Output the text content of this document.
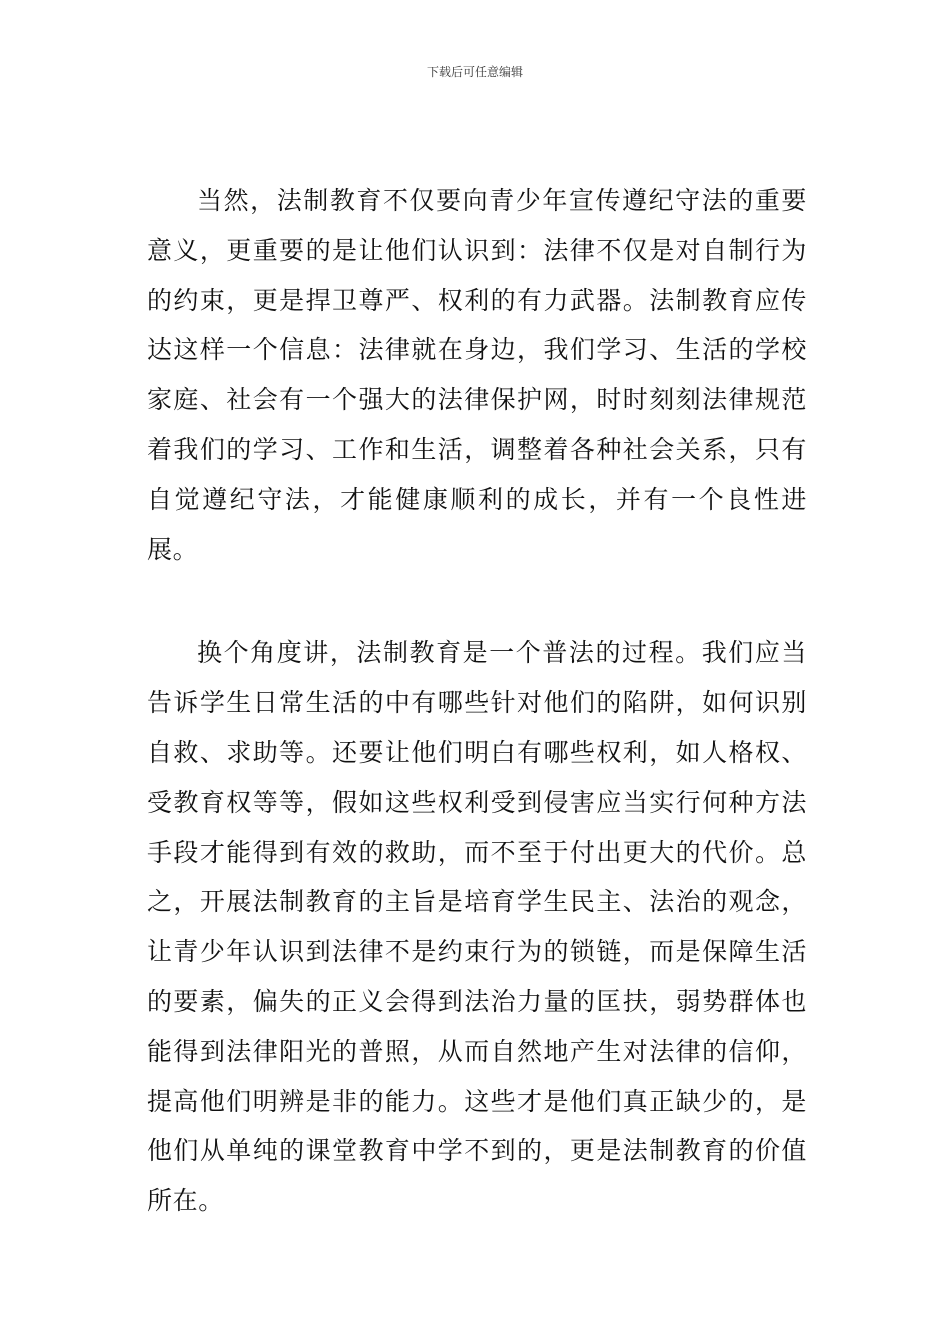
下载后可任意编辑

当然，法制教育不仅要向青少年宣传遵纪守法的重要意义，更重要的是让他们认识到：法律不仅是对自制行为的约束，更是捍卫尊严、权利的有力武器。法制教育应传达这样一个信息：法律就在身边，我们学习、生活的学校家庭、社会有一个强大的法律保护网，时时刻刻法律规范着我们的学习、工作和生活，调整着各种社会关系，只有自觉遵纪守法，才能健康顺利的成长，并有一个良性进展。

换个角度讲，法制教育是一个普法的过程。我们应当告诉学生日常生活的中有哪些针对他们的陷阱，如何识别自救、求助等。还要让他们明白有哪些权利，如人格权、受教育权等等，假如这些权利受到侵害应当实行何种方法手段才能得到有效的救助，而不至于付出更大的代价。总之，开展法制教育的主旨是培育学生民主、法治的观念，让青少年认识到法律不是约束行为的锁链，而是保障生活的要素，偏失的正义会得到法治力量的匡扶，弱势群体也能得到法律阳光的普照，从而自然地产生对法律的信仰，提高他们明辨是非的能力。这些才是他们真正缺少的，是他们从单纯的课堂教育中学不到的，更是法制教育的价值所在。
